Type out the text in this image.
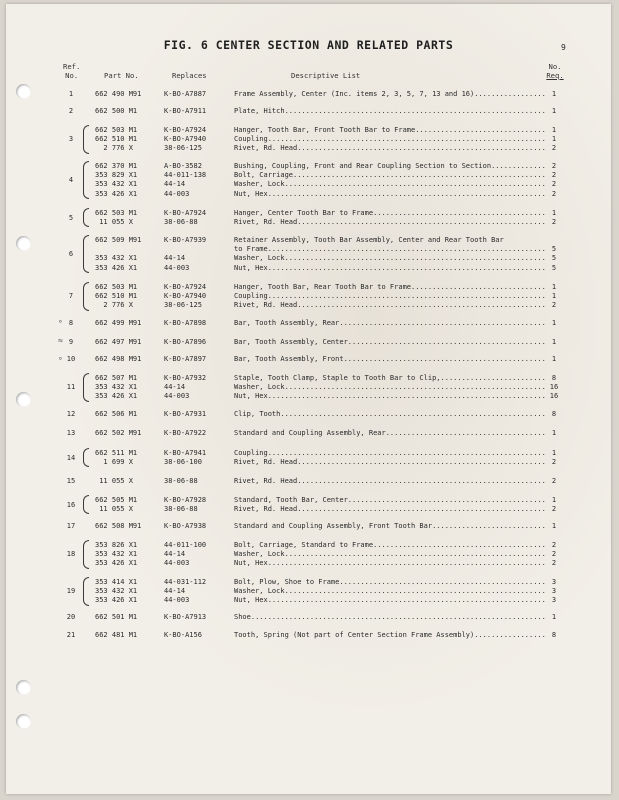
FIG. 6 CENTER SECTION AND RELATED PARTS	9
Ref.
No.	Part No.	Replaces	Descriptive List
No.
Req.
∘
≈
∘
1	662 490 M91	K-BO-A7887	Frame Assembly, Center (Inc. items 2, 3, 5, 7, 13 and 16) .....	1
2	662 500 M1	K-BO-A7911	Plate, Hitch .....	1
3
662 503 M1	K-BO-A7924	Hanger, Tooth Bar, Front Tooth Bar to Frame .....	1
662 510 M1	K-BO-A7940	Coupling .....	1
2 776 X	38-06-125	Rivet, Rd. Head .....	2
4
662 370 M1	A-BO-3582	Bushing, Coupling, Front and Rear Coupling Section to Section .....	2
353 829 X1	44-011-138	Bolt, Carriage .....	2
353 432 X1	44-14	Washer, Lock .....	2
353 426 X1	44-003	Nut, Hex .....	2
5
662 503 M1	K-BO-A7924	Hanger, Center Tooth Bar to Frame .....	1
11 055 X	38-06-88	Rivet, Rd. Head .....	2
6
662 509 M91	K-BO-A7939	Retainer Assembly, Tooth Bar Assembly, Center and Rear Tooth Bar
to Frame .....	5
353 432 X1	44-14	Washer, Lock .....	5
353 426 X1	44-003	Nut, Hex .....	5
7
662 503 M1	K-BO-A7924	Hanger, Tooth Bar, Rear Tooth Bar to Frame .....	1
662 510 M1	K-BO-A7940	Coupling .....	1
2 776 X	38-06-125	Rivet, Rd. Head .....	2
8	662 499 M91	K-BO-A7898	Bar, Tooth Assembly, Rear .....	1
9	662 497 M91	K-BO-A7896	Bar, Tooth Assembly, Center .....	1
10	662 498 M91	K-BO-A7897	Bar, Tooth Assembly, Front .....	1
11
662 507 M1	K-BO-A7932	Staple, Tooth Clamp, Staple to Tooth Bar to Clip, .....	8
353 432 X1	44-14	Washer, Lock .....	16
353 426 X1	44-003	Nut, Hex .....	16
12	662 506 M1	K-BO-A7931	Clip, Tooth .....	8
13	662 502 M91	K-BO-A7922	Standard and Coupling Assembly, Rear .....	1
14
662 511 M1	K-BO-A7941	Coupling .....	1
1 699 X	38-06-100	Rivet, Rd. Head .....	2
15	11 055 X	38-06-88	Rivet, Rd. Head .....	2
16
662 505 M1	K-BO-A7928	Standard, Tooth Bar, Center .....	1
11 055 X	38-06-88	Rivet, Rd. Head .....	2
17	662 508 M91	K-BO-A7938	Standard and Coupling Assembly, Front Tooth Bar .....	1
18
353 826 X1	44-011-100	Bolt, Carriage, Standard to Frame .....	2
353 432 X1	44-14	Washer, Lock .....	2
353 426 X1	44-003	Nut, Hex .....	2
19
353 414 X1	44-031-112	Bolt, Plow, Shoe to Frame .....	3
353 432 X1	44-14	Washer, Lock .....	3
353 426 X1	44-003	Nut, Hex .....	3
20	662 501 M1	K-BO-A7913	Shoe .....	1
21	662 481 M1	K-BO-A156	Tooth, Spring (Not part of Center Section Frame Assembly) .....	8
